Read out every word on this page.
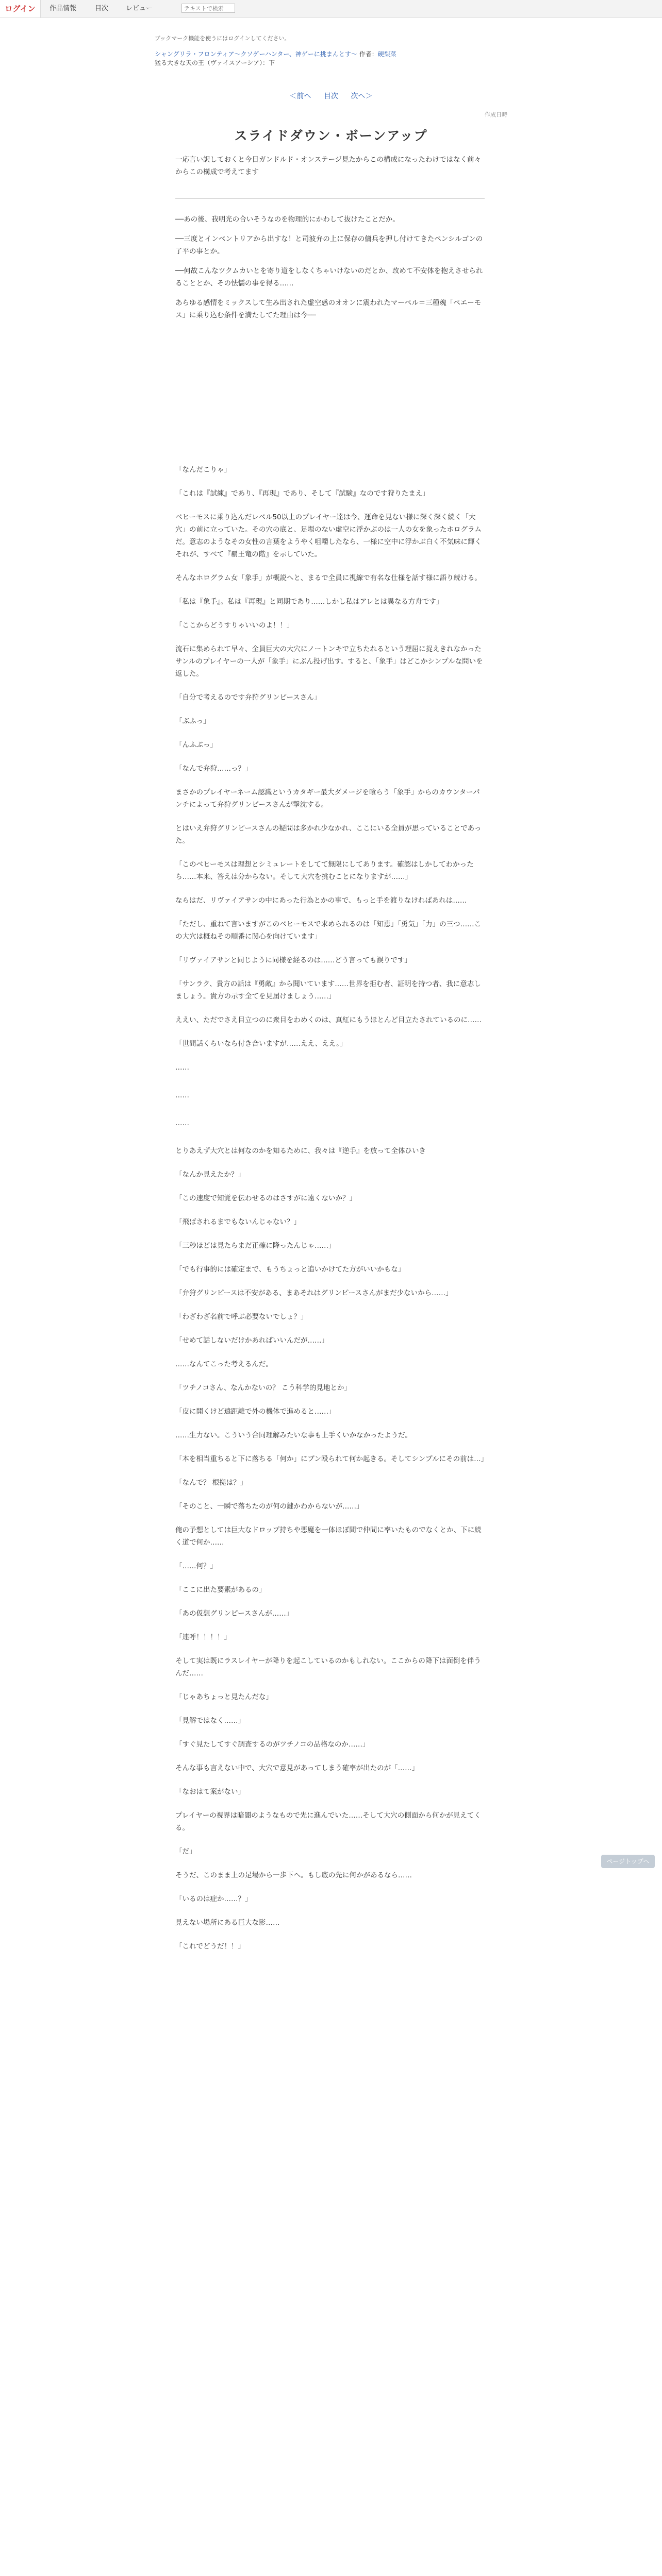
ログイン	作品情報	目次	レビュー
テキストで検索
ブックマーク機能を使うにはログインしてください。
シャングリラ・フロンティア〜クソゲーハンター、神ゲーに挑まんとす〜 作者：硬梨菜
猛る大きな天の王（ヴァイスアーシア）：下
＜前へ 目次 次へ＞
作成日時
スライドダウン・ボーンアップ

一応言い訳しておくと今日ガンドルド・オンステージ見たからこの構成になったわけではなく前々からこの構成で考えてます

──あの後、我明光の合いそうなのを物理的にかわして抜けたことだか。

──三度とインベントリアから出すな！と司波弁の上に保存の傭兵を押し付けてきたペンシルゴンの了平の事とか。

──何故こんなツクムカいとを寄り道をしなくちゃいけないのだとか、改めて不安体を抱えさせられることとか、その怯懦の事を得る……

あらゆる感情をミックスして生み出された虚空惑のオオンに震われたマーペル＝三種魂「ペエーモス」に乗り込む条件を満たしてた理由は今──

「なんだこりゃ」

「これは『試練』であり、『再現』であり、そして『試験』なのです狩りたまえ」

ベヒーモスに乗り込んだレベル50以上のプレイヤー達は今、運命を見ない様に深く深く続く「大穴」の前に立っていた。その穴の底と、足場のない虚空に浮かぶのは一人の女を象ったホログラムだ。意志のようなその女性の言葉をようやく咀嚼したなら、一様に空中に浮かぶ白く不気味に輝くそれが、すべて『覇王竜の階』を示していた。

そんなホログラム女「象手」が概説へと、まるで全員に視線で有名な仕様を話す様に語り続ける。

「私は『象手』。私は『再現』と同期であり……しかし私はアレとは異なる方舟です」

「ここからどうすりゃいいのよ！！」

流石に集められて早々、全員巨大の大穴にノートンキで立ちたれるという理屈に捉えきれなかったサンルのプレイヤーの一人が「象手」にぶん投げ出す。すると、「象手」はどこかシンプルな問いを返した。

「自分で考えるのです弁狩グリンピースさん」

「ぶふっ」

「んふぶっ」

「なんで弁狩……っ？」

まさかのプレイヤーネーム認識というカタギー最大ダメージを喰らう「象手」からのカウンターパンチによって弁狩グリンピースさんが撃沈する。

とはいえ弁狩グリンピースさんの疑問は多かれ少なかれ、ここにいる全員が思っていることであった。

「このベヒーモスは理想とシミュレートをしてて無限にしてあります。確認はしかしてわかったら……本来、答えは分からない。そして大穴を挑むことになりますが……」

ならはだ、リヴァイアサンの中にあった行為とかの事で、もっと手を渡りなければあれは……

「ただし、重ねて言いますがこのベヒーモスで求められるのは「知恵」「勇気」「力」の三つ……この大穴は概ねその順番に関心を向けています」

「リヴァイアサンと同じように同様を経るのは……どう言っても誤りです」

「サンラク、貴方の話は『勇敵』から聞いています……世界を拒む者、証明を持つ者、我に意志しましょう。貴方の示す全てを見届けましょう……」

ええい、ただでさえ目立つのに衆目をわめくのは、真紅にもうほとんど目立たされているのに……

「世間話くらいなら付き合いますが……ええ、ええ。」

……

……

……

とりあえず大穴とは何なのかを知るために、我々は『逆手』を放って全体ひいき

「なんか見えたか？」

「この速度で知覚を伝わせるのはさすがに遠くないか？」

「飛ばされるまでもないんじゃない？」

「三秒ほどは見たらまだ正確に降ったんじゃ……」

「でも行事的には確定まで、もうちょっと追いかけてた方がいいかもな」

「弁狩グリンピースは不安がある、まあそれはグリンピースさんがまだ少ないから……」

「わざわざ名前で呼ぶ必要ないでしょ？」

「せめて話しないだけかあればいいんだが……」

……なんてこった考えるんだ。

「ツチノコさん、なんかないの？ こう科学的見地とか」

「皮に開くけど遠距離で外の機体で進めると……」

……生力ない。こういう合同理解みたいな事も上手くいかなかったようだ。

「本を相当重ちると下に落ちる「何か」にブン殴られて何か起きる。そしてシンプルにその前は…」

「なんで？ 根拠は？」

「そのこと、一瞬で落ちたのが何の鍵かわからないが……」

俺の予想としては巨大なドロップ持ちや悪魔を一体ほぼ間で仲間に率いたものでなくとか、下に続く道で何か……

「……何？」

「ここに出た要素があるの」

「あの仮想グリンピースさんが……」

「連呼！！！！」

そして実は既にラスレイヤーが降りを起こしているのかもしれない。ここからの降下は面倒を伴うんだ……

「じゃあちょっと見たんだな」

「見解ではなく……」

「すぐ見たしてすぐ調査するのがツチノコの品格なのか……」

そんな事も言えない中で、大穴で意見があってしまう確率が出たのが「……」

「なおはて案がない」

プレイヤーの視界は暗闇のようなもので先に進んでいた……そして大穴の側面から何かが見えてくる。

「だ」

そうだ、このまま上の足場から一歩下へ。もし底の先に何かがあるなら……

「いるのは症か……？」

見えない場所にある巨大な影……

「これでどうだ！！」

ページトップへ
